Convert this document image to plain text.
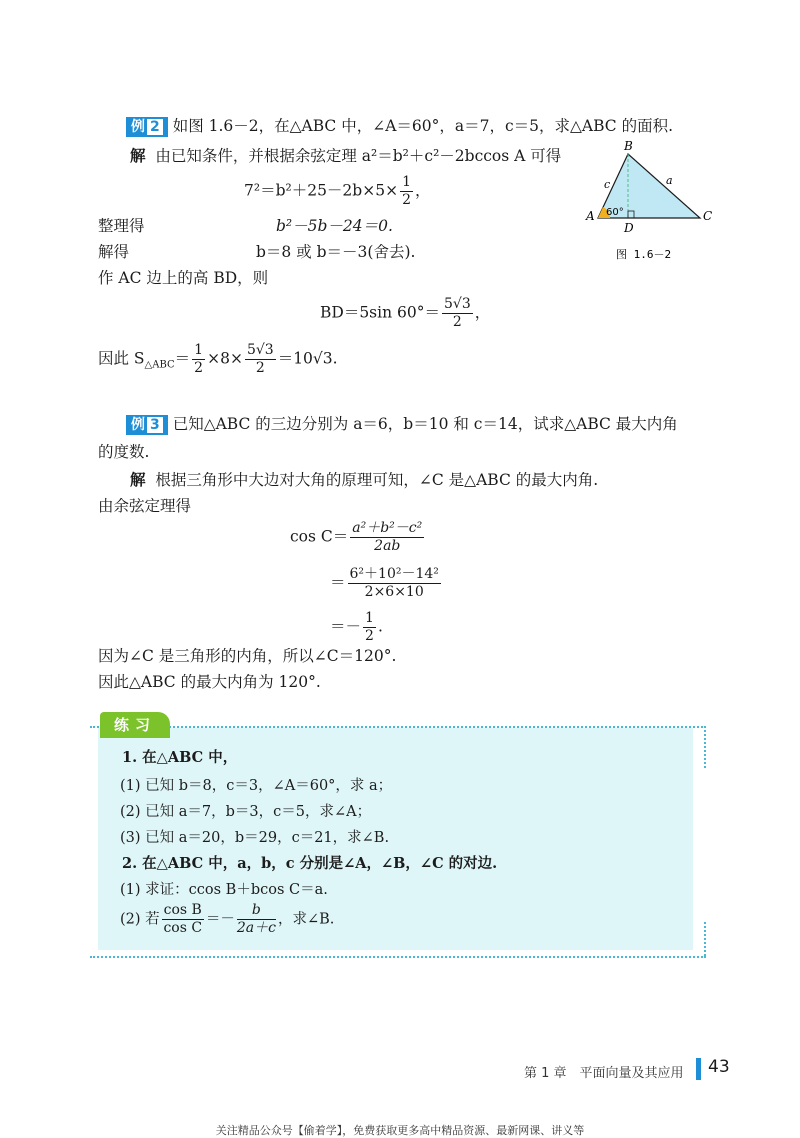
例 2 如图 1.6－2，在△ABC 中，∠A＝60°，a＝7，c＝5，求△ABC 的面积.
解 由已知条件，并根据余弦定理 a²＝b²＋c²－2bccos A 可得
$7^2=b^2+25-2b\times 5\times \frac{1}{2}$ ，
整理得	b²－5b－24＝0.
解得	b＝8 或 b＝－3(舍去).
作 AC 边上的高 BD，则
BD＝5sin $60^\circ= \frac{5√3}{2}$ ，
因此 $S_{\triangle ABC}= \frac{1}{2} \times 8\times \frac{5√3}{2} =10√3$.
B
A	C
D
c	a
60°
图 1.6－2
例 3 已知△ABC 的三边分别为 a＝6，b＝10 和 c＝14，试求△ABC 最大内角
的度数.
解 根据三角形中大边对大角的原理可知，∠C 是△ABC 的最大内角.
由余弦定理得
$\cos C= \frac{\text{a²＋b²－c²}}{2ab}$
＝ $\frac{\text{6²＋10²－14²}}{2\times 6\times 10}$
＝－ $\frac{1}{2}$ .
因为∠C 是三角形的内角，所以∠C＝120°.
因此△ABC 的最大内角为 120°.
练习
1. 在△ABC 中，
(1) 已知 b＝8，c＝3，∠A＝60°，求 a；
(2) 已知 a＝7，b＝3，c＝5，求∠A；
(3) 已知 a＝20，b＝29，c＝21，求∠B.
2. 在△ABC 中，a，b，c 分别是∠A，∠B，∠C 的对边.
(1) 求证：ccos B＋bcos C＝a.
(2) 若 $\frac{\text{cos B}}{\text{cos C}} =- \frac{b}{2a+c}$ ，求∠B.
第 1 章　平面向量及其应用 43
关注精品公众号【偷着学】，免费获取更多高中精品资源、最新网课、讲义等
